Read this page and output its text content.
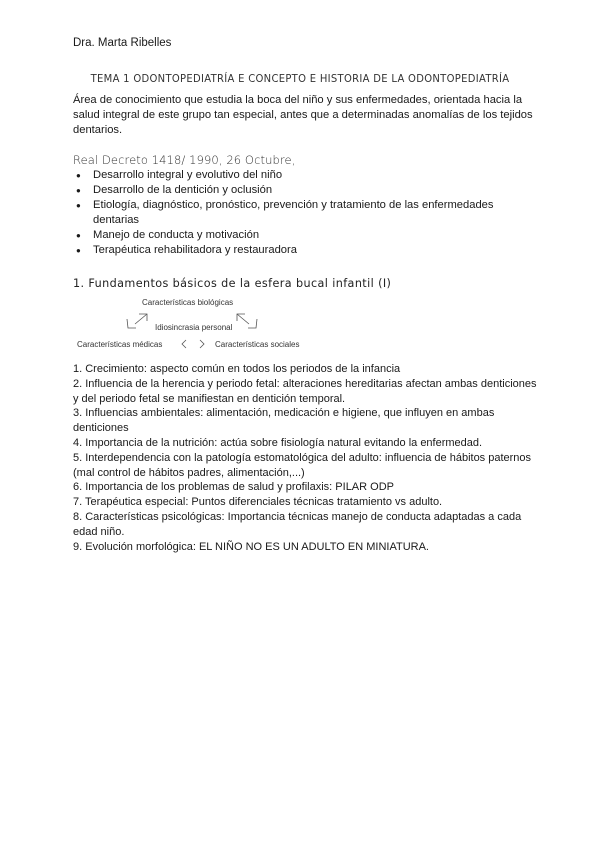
Dra. Marta Ribelles
TEMA 1 ODONTOPEDIATRÍA E CONCEPTO E HISTORIA DE LA ODONTOPEDIATRÍA
Área de conocimiento que estudia la boca del niño y sus enfermedades, orientada hacia la salud integral de este grupo tan especial, antes que a determinadas anomalías de los tejidos dentarios.
Real Decreto 1418/ 1990, 26 Octubre,
● Desarrollo integral y evolutivo del niño
● Desarrollo de la dentición y oclusión
● Etiología, diagnóstico, pronóstico, prevención y tratamiento de las enfermedades dentarias
● Manejo de conducta y motivación
● Terapéutica rehabilitadora y restauradora
1. Fundamentos básicos de la esfera bucal infantil (I)
Características biológicas
Idiosincrasia personal
Características médicas	Características sociales
1. Crecimiento: aspecto común en todos los periodos de la infancia
2. Influencia de la herencia y periodo fetal: alteraciones hereditarias afectan ambas denticiones y del periodo fetal se manifiestan en dentición temporal.
3. Influencias ambientales: alimentación, medicación e higiene, que influyen en ambas denticiones
4. Importancia de la nutrición: actúa sobre fisiología natural evitando la enfermedad.
5. Interdependencia con la patología estomatológica del adulto: influencia de hábitos paternos (mal control de hábitos padres, alimentación,...)
6. Importancia de los problemas de salud y profilaxis: PILAR ODP
7. Terapéutica especial: Puntos diferenciales técnicas tratamiento vs adulto.
8. Características psicológicas: Importancia técnicas manejo de conducta adaptadas a cada edad niño.
9. Evolución morfológica: EL NIÑO NO ES UN ADULTO EN MINIATURA.
